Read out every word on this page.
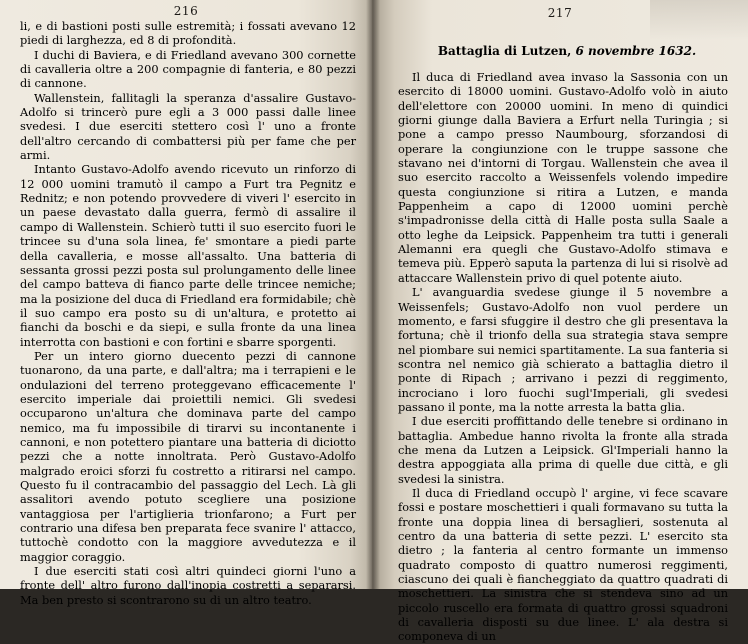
216	217

li, e di bastioni posti sulle estremità; i fossati avevano 12 piedi di larghezza, ed 8 di profondità.

I duchi di Baviera, e di Friedland avevano 300 cornette di cavalleria oltre a 200 compagnie di fanteria, e 80 pezzi di cannone.

Wallenstein, fallitagli la speranza d'assalire Gustavo-Adolfo si trincerò pure egli a 3 000 passi dalle linee svedesi. I due eserciti stettero così l' uno a fronte dell'altro cercando di combattersi più per fame che per armi.

Intanto Gustavo-Adolfo avendo ricevuto un rinforzo di 12 000 uomini tramutò il campo a Furt tra Pegnitz e Rednitz; e non potendo provvedere di viveri l' esercito in un paese devastato dalla guerra, fermò di assalire il campo di Wallenstein. Schierò tutti il suo esercito fuori le trincee su d'una sola linea, fe' smontare a piedi parte della cavalleria, e mosse all'assalto. Una batteria di sessanta grossi pezzi posta sul prolungamento delle linee del campo batteva di fianco parte delle trincee nemiche; ma la posizione del duca di Friedland era formidabile; chè il suo campo era posto su di un'altura, e protetto ai fianchi da boschi e da siepi, e sulla fronte da una linea interrotta con bastioni e con fortini e sbarre sporgenti.

Per un intero giorno duecento pezzi di cannone tuonarono, da una parte, e dall'altra; ma i terrapieni e le ondulazioni del terreno proteggevano efficacemente l' esercito imperiale dai proiettili nemici. Gli svedesi occuparono un'altura che dominava parte del campo nemico, ma fu impossibile di tirarvi su incontanente i cannoni, e non potettero piantare una batteria di diciotto pezzi che a notte innoltrata. Però Gustavo-Adolfo malgrado eroici sforzi fu costretto a ritirarsi nel campo. Questo fu il contracambio del passaggio del Lech. Là gli assalitori avendo potuto scegliere una posizione vantaggiosa per l'artiglieria trionfarono; a Furt per contrario una difesa ben preparata fece svanire l' attacco, tuttochè condotto con la maggiore avvedutezza e il maggior coraggio.

I due eserciti stati così altri quindeci giorni l'uno a fronte dell' altro furono dall'inopia costretti a separarsi. Ma ben presto si scontrarono su di un altro teatro.

Battaglia di Lutzen, 6 novembre 1632.

Il duca di Friedland avea invaso la Sassonia con un esercito di 18000 uomini. Gustavo-Adolfo volò in aiuto dell'elettore con 20000 uomini. In meno di quindici giorni giunge dalla Baviera a Erfurt nella Turingia ; si pone a campo presso Naumbourg, sforzandosi di operare la congiunzione con le truppe sassone che stavano nei d'intorni di Torgau. Wallenstein che avea il suo esercito raccolto a Weissenfels volendo impedire questa congiunzione si ritira a Lutzen, e manda Pappenheim a capo di 12000 uomini perchè s'impadronisse della città di Halle posta sulla Saale a otto leghe da Leipsick. Pappenheim tra tutti i generali Alemanni era quegli che Gustavo-Adolfo stimava e temeva più. Epperò saputa la partenza di lui si risolvè ad attaccare Wallenstein privo di quel potente aiuto.

L' avanguardia svedese giunge il 5 novembre a Weissenfels; Gustavo-Adolfo non vuol perdere un momento, e farsi sfuggire il destro che gli presentava la fortuna; chè il trionfo della sua strategia stava sempre nel piombare sui nemici spartitamente. La sua fanteria si scontra nel nemico già schierato a battaglia dietro il ponte di Ripach ; arrivano i pezzi di reggimento, incrociano i loro fuochi sugl'Imperiali, gli svedesi passano il ponte, ma la notte arresta la batta glia.

I due eserciti proffittando delle tenebre si ordinano in battaglia. Ambedue hanno rivolta la fronte alla strada che mena da Lutzen a Leipsick. Gl'Imperiali hanno la destra appoggiata alla prima di quelle due città, e gli svedesi la sinistra.

Il duca di Friedland occupò l' argine, vi fece scavare fossi e postare moschettieri i quali formavano su tutta la fronte una doppia linea di bersaglieri, sostenuta al centro da una batteria di sette pezzi. L' esercito sta dietro ; la fanteria al centro formante un immenso quadrato composto di quattro numerosi reggimenti, ciascuno dei quali è fiancheggiato da quattro quadrati di moschettieri. La sinistra che si stendeva sino ad un piccolo ruscello era formata di quattro grossi squadroni di cavalleria disposti su due linee. L' ala destra si componeva di un
